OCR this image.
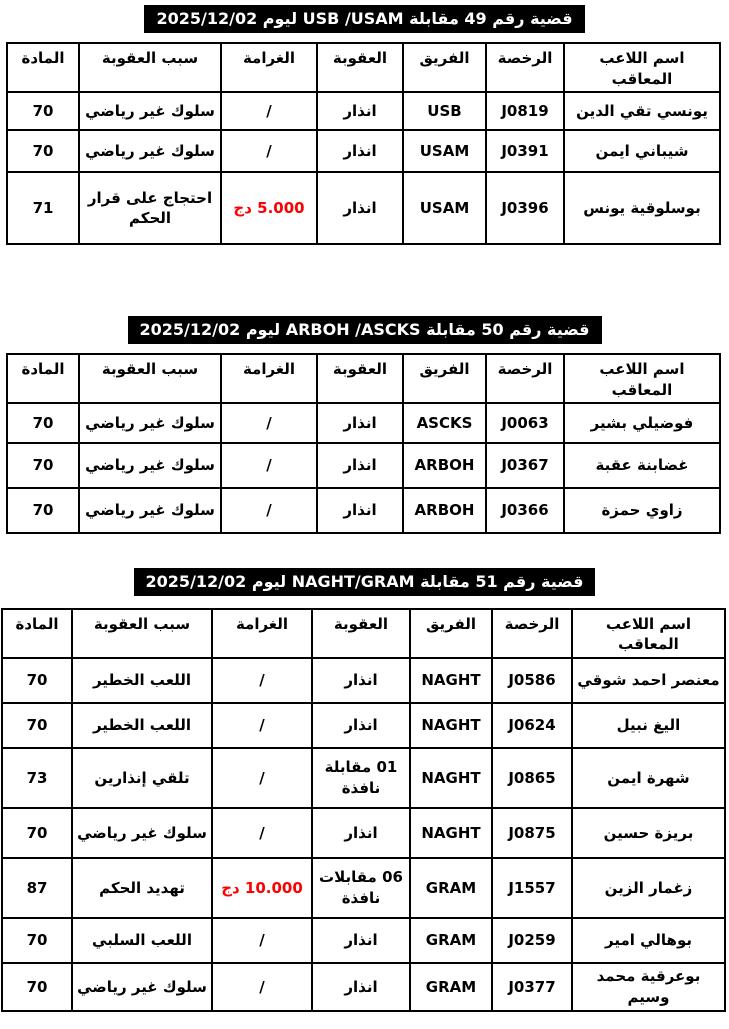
قضية رقم 49 مقابلة USB /USAM ليوم 2025/12/02
اسم اللاعب المعاقب	الرخصة	الفريق	العقوبة	الغرامة	سبب العقوبة	المادة
يونسي تقي الدين	J0819	USB	انذار	/	سلوك غير رياضي	70
شيباني ايمن	J0391	USAM	انذار	/	سلوك غير رياضي	70
بوسلوقية يونس	J0396	USAM	انذار	5.000 دج	احتجاج على قرار الحكم	71
قضية رقم 50 مقابلة ARBOH /ASCKS ليوم 2025/12/02
اسم اللاعب المعاقب	الرخصة	الفريق	العقوبة	الغرامة	سبب العقوبة	المادة
فوضيلي بشير	J0063	ASCKS	انذار	/	سلوك غير رياضي	70
غضابنة عقبة	J0367	ARBOH	انذار	/	سلوك غير رياضي	70
زاوي حمزة	J0366	ARBOH	انذار	/	سلوك غير رياضي	70
قضية رقم 51 مقابلة NAGHT/GRAM ليوم 2025/12/02
اسم اللاعب المعاقب	الرخصة	الفريق	العقوبة	الغرامة	سبب العقوبة	المادة
معنصر احمد شوقي	J0586	NAGHT	انذار	/	اللعب الخطير	70
اليغ نبيل	J0624	NAGHT	انذار	/	اللعب الخطير	70
شهرة ايمن	J0865	NAGHT	01 مقابلة نافذة	/	تلقي إنذارين	73
بريزة حسين	J0875	NAGHT	انذار	/	سلوك غير رياضي	70
زغمار الزين	J1557	GRAM	06 مقابلات نافذة	10.000 دج	تهديد الحكم	87
بوهالي امير	J0259	GRAM	انذار	/	اللعب السلبي	70
بوعرقية محمد وسيم	J0377	GRAM	انذار	/	سلوك غير رياضي	70
